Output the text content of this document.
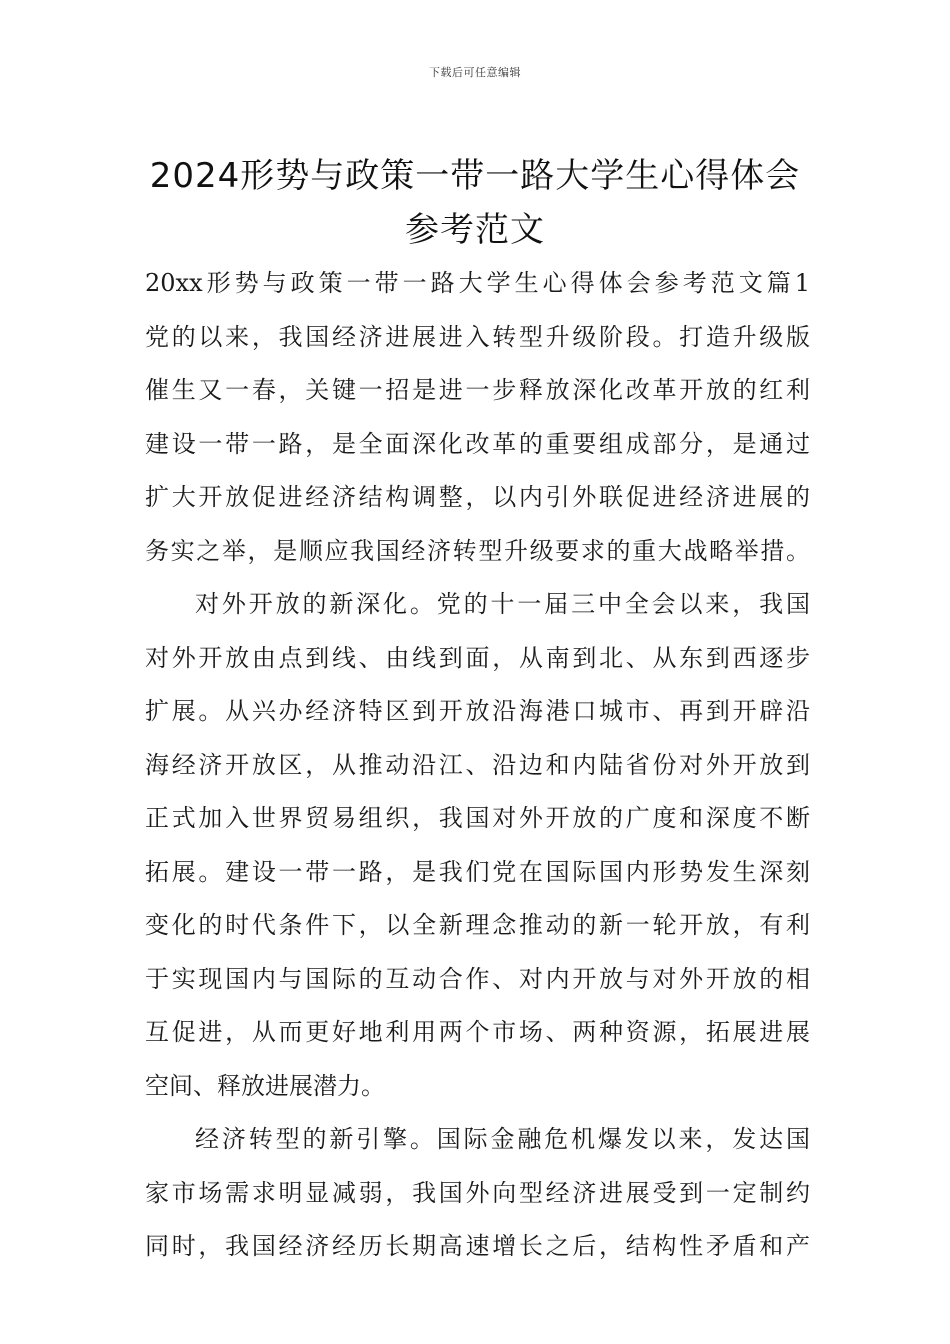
下载后可任意编辑
2024形势与政策一带一路大学生心得体会
参考范文
20xx形势与政策一带一路大学生心得体会参考范文篇1
党的以来，我国经济进展进入转型升级阶段。打造升级版
催生又一春，关键一招是进一步释放深化改革开放的红利
建设一带一路，是全面深化改革的重要组成部分，是通过
扩大开放促进经济结构调整，以内引外联促进经济进展的
务实之举，是顺应我国经济转型升级要求的重大战略举措。
对外开放的新深化。党的十一届三中全会以来，我国
对外开放由点到线、由线到面，从南到北、从东到西逐步
扩展。从兴办经济特区到开放沿海港口城市、再到开辟沿
海经济开放区，从推动沿江、沿边和内陆省份对外开放到
正式加入世界贸易组织，我国对外开放的广度和深度不断
拓展。建设一带一路，是我们党在国际国内形势发生深刻
变化的时代条件下，以全新理念推动的新一轮开放，有利
于实现国内与国际的互动合作、对内开放与对外开放的相
互促进，从而更好地利用两个市场、两种资源，拓展进展
空间、释放进展潜力。
经济转型的新引擎。国际金融危机爆发以来，发达国
家市场需求明显减弱，我国外向型经济进展受到一定制约
同时，我国经济经历长期高速增长之后，结构性矛盾和产
